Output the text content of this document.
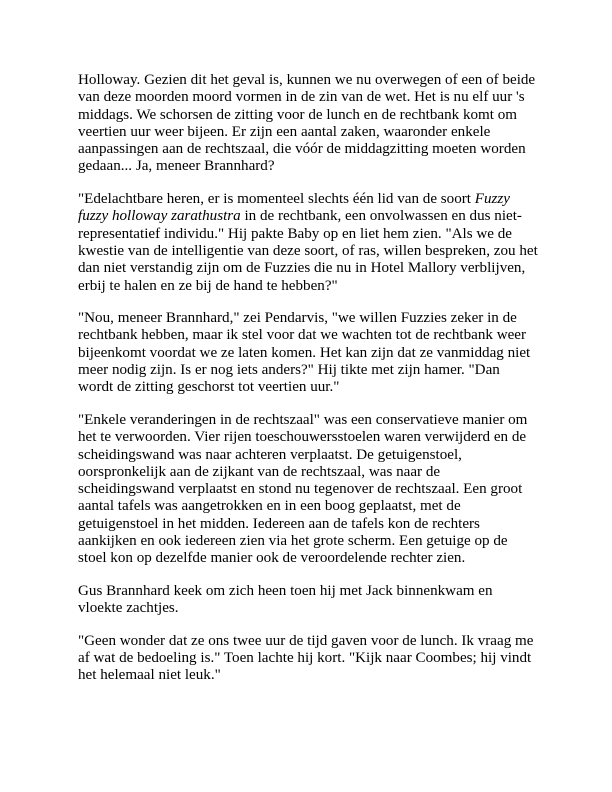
Holloway. Gezien dit het geval is, kunnen we nu overwegen of een of beide van deze moorden moord vormen in de zin van de wet. Het is nu elf uur 's middags. We schorsen de zitting voor de lunch en de rechtbank komt om veertien uur weer bijeen. Er zijn een aantal zaken, waaronder enkele aanpassingen aan de rechtszaal, die vóór de middagzitting moeten worden gedaan... Ja, meneer Brannhard?

"Edelachtbare heren, er is momenteel slechts één lid van de soort Fuzzy fuzzy holloway zarathustra in de rechtbank, een onvolwassen en dus niet-representatief individu." Hij pakte Baby op en liet hem zien. "Als we de kwestie van de intelligentie van deze soort, of ras, willen bespreken, zou het dan niet verstandig zijn om de Fuzzies die nu in Hotel Mallory verblijven, erbij te halen en ze bij de hand te hebben?"

"Nou, meneer Brannhard," zei Pendarvis, "we willen Fuzzies zeker in de rechtbank hebben, maar ik stel voor dat we wachten tot de rechtbank weer bijeenkomt voordat we ze laten komen. Het kan zijn dat ze vanmiddag niet meer nodig zijn. Is er nog iets anders?" Hij tikte met zijn hamer. "Dan wordt de zitting geschorst tot veertien uur."

"Enkele veranderingen in de rechtszaal" was een conservatieve manier om het te verwoorden. Vier rijen toeschouwersstoelen waren verwijderd en de scheidingswand was naar achteren verplaatst. De getuigenstoel, oorspronkelijk aan de zijkant van de rechtszaal, was naar de scheidingswand verplaatst en stond nu tegenover de rechtszaal. Een groot aantal tafels was aangetrokken en in een boog geplaatst, met de getuigenstoel in het midden. Iedereen aan de tafels kon de rechters aankijken en ook iedereen zien via het grote scherm. Een getuige op de stoel kon op dezelfde manier ook de veroordelende rechter zien.

Gus Brannhard keek om zich heen toen hij met Jack binnenkwam en vloekte zachtjes.

"Geen wonder dat ze ons twee uur de tijd gaven voor de lunch. Ik vraag me af wat de bedoeling is." Toen lachte hij kort. "Kijk naar Coombes; hij vindt het helemaal niet leuk."
